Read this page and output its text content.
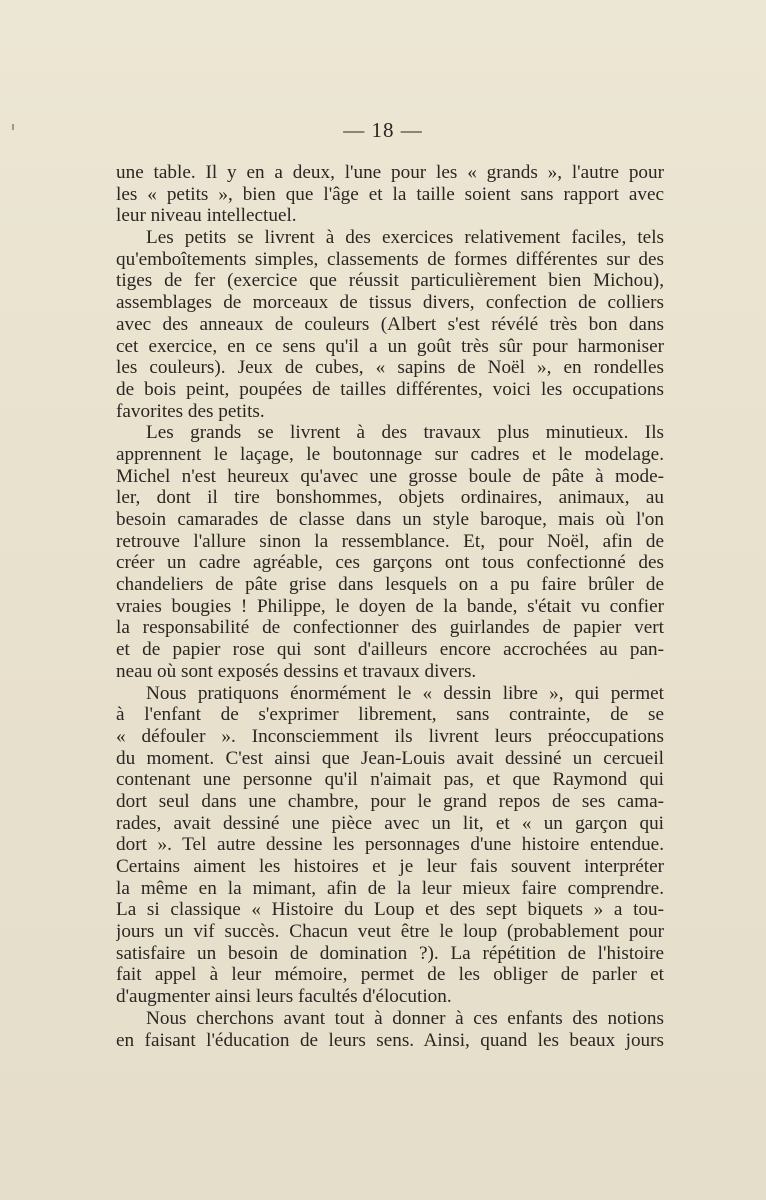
— 18 —
une table. Il y en a deux, l'une pour les « grands », l'autre pour
les « petits », bien que l'âge et la taille soient sans rapport avec
leur niveau intellectuel.
Les petits se livrent à des exercices relativement faciles, tels
qu'emboîtements simples, classements de formes différentes sur des
tiges de fer (exercice que réussit particulièrement bien Michou),
assemblages de morceaux de tissus divers, confection de colliers
avec des anneaux de couleurs (Albert s'est révélé très bon dans
cet exercice, en ce sens qu'il a un goût très sûr pour harmoniser
les couleurs). Jeux de cubes, « sapins de Noël », en rondelles
de bois peint, poupées de tailles différentes, voici les occupations
favorites des petits.
Les grands se livrent à des travaux plus minutieux. Ils
apprennent le laçage, le boutonnage sur cadres et le modelage.
Michel n'est heureux qu'avec une grosse boule de pâte à mode-
ler, dont il tire bonshommes, objets ordinaires, animaux, au
besoin camarades de classe dans un style baroque, mais où l'on
retrouve l'allure sinon la ressemblance. Et, pour Noël, afin de
créer un cadre agréable, ces garçons ont tous confectionné des
chandeliers de pâte grise dans lesquels on a pu faire brûler de
vraies bougies ! Philippe, le doyen de la bande, s'était vu confier
la responsabilité de confectionner des guirlandes de papier vert
et de papier rose qui sont d'ailleurs encore accrochées au pan-
neau où sont exposés dessins et travaux divers.
Nous pratiquons énormément le « dessin libre », qui permet
à l'enfant de s'exprimer librement, sans contrainte, de se
« défouler ». Inconsciemment ils livrent leurs préoccupations
du moment. C'est ainsi que Jean-Louis avait dessiné un cercueil
contenant une personne qu'il n'aimait pas, et que Raymond qui
dort seul dans une chambre, pour le grand repos de ses cama-
rades, avait dessiné une pièce avec un lit, et « un garçon qui
dort ». Tel autre dessine les personnages d'une histoire entendue.
Certains aiment les histoires et je leur fais souvent interpréter
la même en la mimant, afin de la leur mieux faire comprendre.
La si classique « Histoire du Loup et des sept biquets » a tou-
jours un vif succès. Chacun veut être le loup (probablement pour
satisfaire un besoin de domination ?). La répétition de l'histoire
fait appel à leur mémoire, permet de les obliger de parler et
d'augmenter ainsi leurs facultés d'élocution.
Nous cherchons avant tout à donner à ces enfants des notions
en faisant l'éducation de leurs sens. Ainsi, quand les beaux jours
